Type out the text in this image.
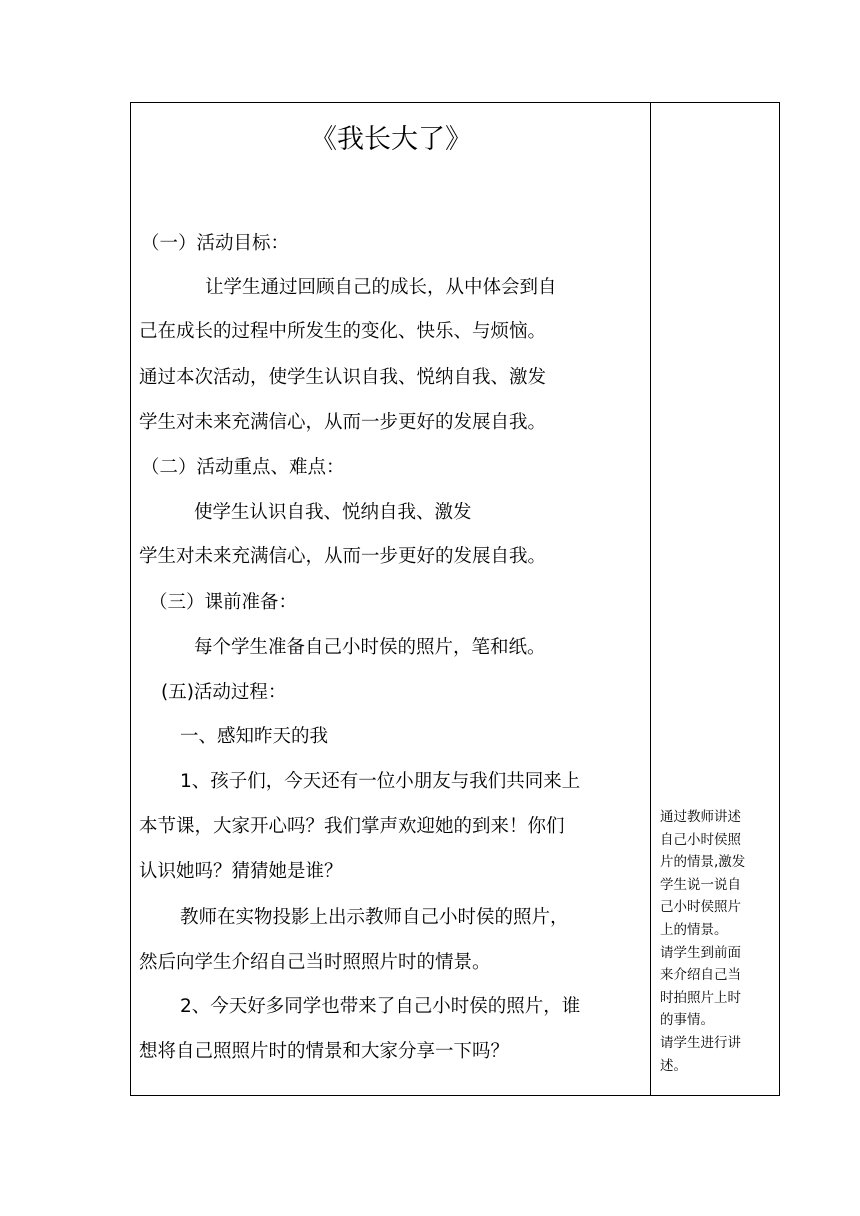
《我长大了》
（一）活动目标：
让学生通过回顾自己的成长，从中体会到自
己在成长的过程中所发生的变化、快乐、与烦恼。
通过本次活动，使学生认识自我、悦纳自我、激发
学生对未来充满信心，从而一步更好的发展自我。
（二）活动重点、难点：
使学生认识自我、悦纳自我、激发
学生对未来充满信心，从而一步更好的发展自我。
（三）课前准备：
每个学生准备自己小时侯的照片，笔和纸。
(五)活动过程：
一、感知昨天的我
1、孩子们，今天还有一位小朋友与我们共同来上
本节课，大家开心吗？我们掌声欢迎她的到来！你们
认识她吗？猜猜她是谁？
教师在实物投影上出示教师自己小时侯的照片，
然后向学生介绍自己当时照照片时的情景。
2、今天好多同学也带来了自己小时侯的照片，谁
想将自己照照片时的情景和大家分享一下吗？
通过教师讲述
自己小时侯照
片的情景,激发
学生说一说自
己小时侯照片
上的情景。
请学生到前面
来介绍自己当
时拍照片上时
的事情。
请学生进行讲
述。
